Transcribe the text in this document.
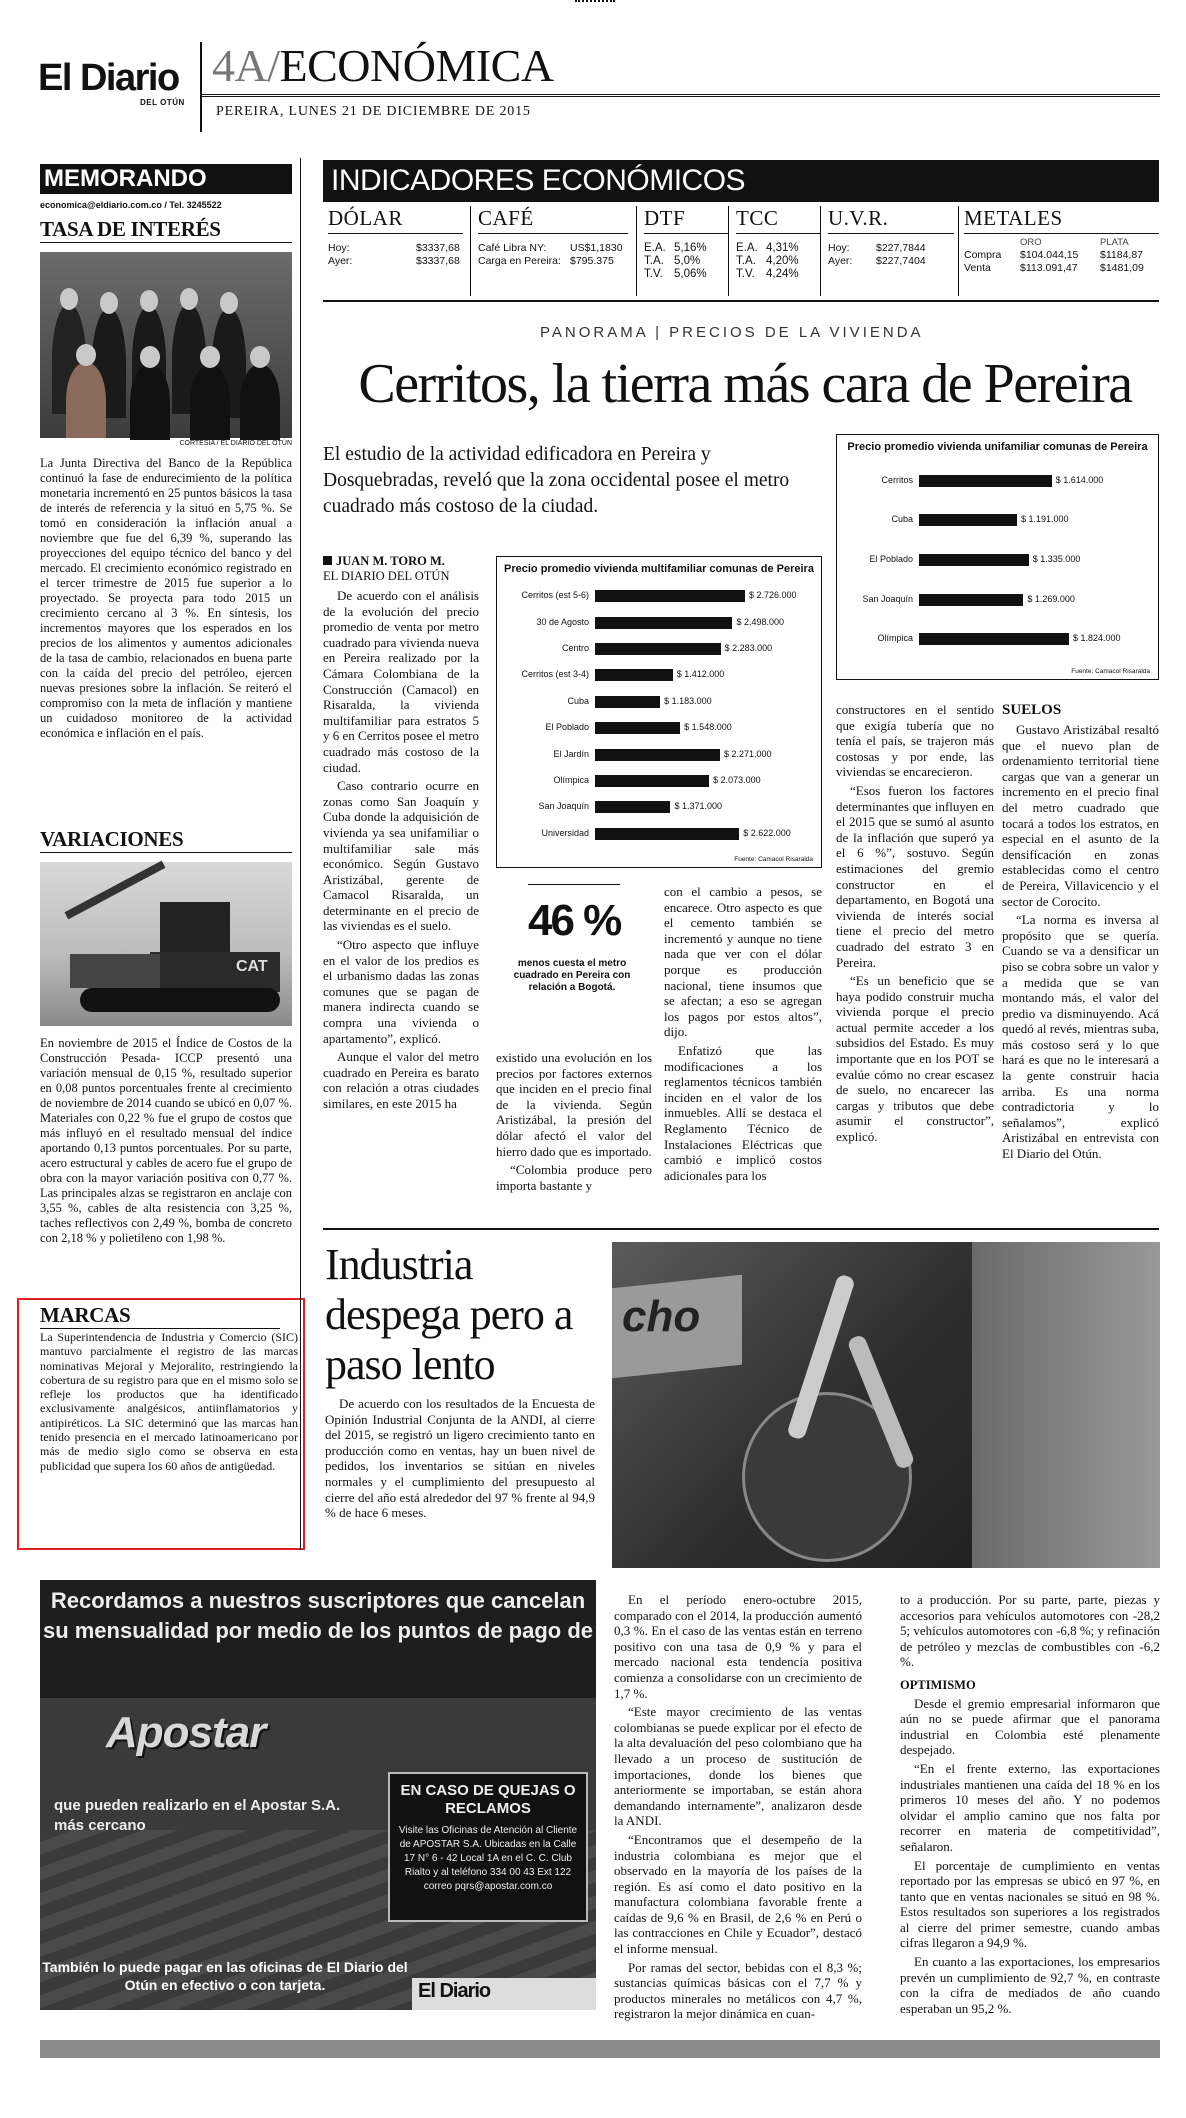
El Diario
DEL OTÚN
4A/ECONÓMICA
PEREIRA, LUNES 21 DE DICIEMBRE DE 2015
MEMORANDO
economica@eldiario.com.co / Tel. 3245522
TASA DE INTERÉS
CORTESÍA / EL DIARIO DEL OTÚN

La Junta Directiva del Banco de la República continuó la fase de endurecimiento de la política monetaria incrementó en 25 puntos básicos la tasa de interés de referencia y la situó en 5,75 %. Se tomó en consideración la inflación anual a noviembre que fue del 6,39 %, superando las proyecciones del equipo técnico del banco y del mercado. El crecimiento económico registrado en el tercer trimestre de 2015 fue superior a lo proyectado. Se proyecta para todo 2015 un crecimiento cercano al 3 %. En síntesis, los incrementos mayores que los esperados en los precios de los alimentos y aumentos adicionales de la tasa de cambio, relacionados en buena parte con la caída del precio del petróleo, ejercen nuevas presiones sobre la inflación. Se reiteró el compromiso con la meta de inflación y mantiene un cuidadoso monitoreo de la actividad económica e inflación en el país.

VARIACIONES
CAT

En noviembre de 2015 el Índice de Costos de la Construcción Pesada- ICCP presentó una variación mensual de 0,15 %, resultado superior en 0,08 puntos porcentuales frente al crecimiento de noviembre de 2014 cuando se ubicó en 0,07 %. Materiales con 0,22 % fue el grupo de costos que más influyó en el resultado mensual del índice aportando 0,13 puntos porcentuales. Por su parte, acero estructural y cables de acero fue el grupo de obra con la mayor variación positiva con 0,77 %. Las principales alzas se registraron en anclaje con 3,55 %, cables de alta resistencia con 3,25 %, taches reflectivos con 2,49 %, bomba de concreto con 2,18 % y polietileno con 1,98 %.

MARCAS

La Superintendencia de Industria y Comercio (SIC) mantuvo parcialmente el registro de las marcas nominativas Mejoral y Mejoralito, restringiendo la cobertura de su registro para que en el mismo solo se refleje los productos que ha identificado exclusivamente analgésicos, antiinflamatorios y antipiréticos. La SIC determinó que las marcas han tenido presencia en el mercado latinoamericano por más de medio siglo como se observa en esta publicidad que supera los 60 años de antigüedad.

INDICADORES ECONÓMICOS
DÓLAR
Hoy:	$3337,68
Ayer:	$3337,68
CAFÉ
Café Libra NY:	US$1,1830
Carga en Pereira: $795.375
DTF
E.A. 5,16%
T.A. 5,0%
T.V. 5,06%
TCC
E.A. 4,31%
T.A. 4,20%
T.V. 4,24%
U.V.R.
Hoy:	$227,7844
Ayer:	$227,7404
METALES
ORO	PLATA
Compra	$104.044,15	$1184,87
Venta	$113.091,47	$1481,09
PANORAMA | PRECIOS DE LA VIVIENDA
Cerritos, la tierra más cara de Pereira
El estudio de la actividad edificadora en Pereira y Dosquebradas, reveló que la zona occidental posee el metro cuadrado más costoso de la ciudad.
JUAN M. TORO M.
EL DIARIO DEL OTÚN

De acuerdo con el análisis de la evolución del precio promedio de venta por metro cuadrado para vivienda nueva en Pereira realizado por la Cámara Colombiana de la Construcción (Camacol) en Risaralda, la vivienda multifamiliar para estratos 5 y 6 en Cerritos posee el metro cuadrado más costoso de la ciudad.

Caso contrario ocurre en zonas como San Joaquín y Cuba donde la adquisición de vivienda ya sea unifamiliar o multifamiliar sale más económico. Según Gustavo Aristizábal, gerente de Camacol Risaralda, un determinante en el precio de las viviendas es el suelo.

“Otro aspecto que influye en el valor de los predios es el urbanismo dadas las zonas comunes que se pagan de manera indirecta cuando se compra una vivienda o apartamento”, explicó.

Aunque el valor del metro cuadrado en Pereira es barato con relación a otras ciudades similares, en este 2015 ha

Precio promedio vivienda multifamiliar comunas de Pereira
Cerritos (est 5-6)	$ 2.726.000
30 de Agosto	$ 2.498.000
Centro	$ 2.283.000
Cerritos (est 3-4)	$ 1.412.000
Cuba	$ 1.183.000
El Poblado	$ 1.548.000
El Jardín	$ 2.271.000
Olímpica	$ 2.073.000
San Joaquín	$ 1.371.000
Universidad	$ 2.622.000
Fuente: Camacol Risaralda
Precio promedio vivienda unifamiliar comunas de Pereira
Cerritos	$ 1.614.000
Cuba	$ 1.191.000
El Poblado	$ 1.335.000
San Joaquín	$ 1.269.000
Olímpica	$ 1.824.000
Fuente: Camacol Risaralda
46 %
menos cuesta el metro cuadrado en Pereira con relación a Bogotá.

existido una evolución en los precios por factores externos que inciden en el precio final de la vivienda. Según Aristizábal, la presión del dólar afectó el valor del hierro dado que es importado.

“Colombia produce pero importa bastante y

con el cambio a pesos, se encarece. Otro aspecto es que el cemento también se incrementó y aunque no tiene nada que ver con el dólar porque es producción nacional, tiene insumos que se afectan; a eso se agregan los pagos por estos altos”, dijo.

Enfatizó que las modificaciones a los reglamentos técnicos también inciden en el valor de los inmuebles. Allí se destaca el Reglamento Técnico de Instalaciones Eléctricas que cambió e implicó costos adicionales para los

constructores en el sentido que exigía tubería que no tenía el país, se trajeron más costosas y por ende, las viviendas se encarecieron.

“Esos fueron los factores determinantes que influyen en el 2015 que se sumó al asunto de la inflación que superó ya el 6 %”, sostuvo. Según estimaciones del gremio constructor en el departamento, en Bogotá una vivienda de interés social tiene el precio del metro cuadrado del estrato 3 en Pereira.

“Es un beneficio que se haya podido construir mucha vivienda porque el precio actual permite acceder a los subsidios del Estado. Es muy importante que en los POT se evalúe cómo no crear escasez de suelo, no encarecer las cargas y tributos que debe asumir el constructor”, explicó.

SUELOS

Gustavo Aristizábal resaltó que el nuevo plan de ordenamiento territorial tiene cargas que van a generar un incremento en el precio final del metro cuadrado que tocará a todos los estratos, en especial en el asunto de la densificación en zonas establecidas como el centro de Pereira, Villavicencio y el sector de Corocito.

“La norma es inversa al propósito que se quería. Cuando se va a densificar un piso se cobra sobre un valor y a medida que se van montando más, el valor del predio va disminuyendo. Acá quedó al revés, mientras suba, más costoso será y lo que hará es que no le interesará a la gente construir hacia arriba. Es una norma contradictoria y lo señalamos”, explicó Aristizábal en entrevista con El Diario del Otún.

Industria despega pero a paso lento

De acuerdo con los resultados de la Encuesta de Opinión Industrial Conjunta de la ANDI, al cierre del 2015, se registró un ligero crecimiento tanto en producción como en ventas, hay un buen nivel de pedidos, los inventarios se sitúan en niveles normales y el cumplimiento del presupuesto al cierre del año está alrededor del 97 % frente al 94,9 % de hace 6 meses.

cho
Recordamos a nuestros suscriptores que cancelan su mensualidad por medio de los puntos de pago de
Apostar
que pueden realizarlo en el Apostar S.A. más cercano
EN CASO DE QUEJAS O RECLAMOS
Visite las Oficinas de Atención al Cliente de APOSTAR S.A. Ubicadas en la Calle 17 N° 6 - 42 Local 1A en el C. C. Club Rialto y al teléfono 334 00 43 Ext 122 correo pqrs@apostar.com.co
También lo puede pagar en las oficinas de El Diario del Otún en efectivo o con tarjeta.	El Diario

En el período enero-octubre 2015, comparado con el 2014, la producción aumentó 0,3 %. En el caso de las ventas están en terreno positivo con una tasa de 0,9 % y para el mercado nacional esta tendencia positiva comienza a consolidarse con un crecimiento de 1,7 %.

“Este mayor crecimiento de las ventas colombianas se puede explicar por el efecto de la alta devaluación del peso colombiano que ha llevado a un proceso de sustitución de importaciones, donde los bienes que anteriormente se importaban, se están ahora demandando internamente”, analizaron desde la ANDI.

“Encontramos que el desempeño de la industria colombiana es mejor que el observado en la mayoría de los países de la región. Es así como el dato positivo en la manufactura colombiana favorable frente a caídas de 9,6 % en Brasil, de 2,6 % en Perú o las contracciones en Chile y Ecuador”, destacó el informe mensual.

Por ramas del sector, bebidas con el 8,3 %; sustancias químicas básicas con el 7,7 % y productos minerales no metálicos con 4,7 %, registraron la mejor dinámica en cuan-

to a producción. Por su parte, parte, piezas y accesorios para vehículos automotores con -28,2 5; vehículos automotores con -6,8 %; y refinación de petróleo y mezclas de combustibles con -6,2 %.

OPTIMISMO

Desde el gremio empresarial informaron que aún no se puede afirmar que el panorama industrial en Colombia esté plenamente despejado.

“En el frente externo, las exportaciones industriales mantienen una caída del 18 % en los primeros 10 meses del año. Y no podemos olvidar el amplio camino que nos falta por recorrer en materia de competitividad”, señalaron.

El porcentaje de cumplimiento en ventas reportado por las empresas se ubicó en 97 %, en tanto que en ventas nacionales se situó en 98 %. Estos resultados son superiores a los registrados al cierre del primer semestre, cuando ambas cifras llegaron a 94,9 %.

En cuanto a las exportaciones, los empresarios prevén un cumplimiento de 92,7 %, en contraste con la cifra de mediados de año cuando esperaban un 95,2 %.
